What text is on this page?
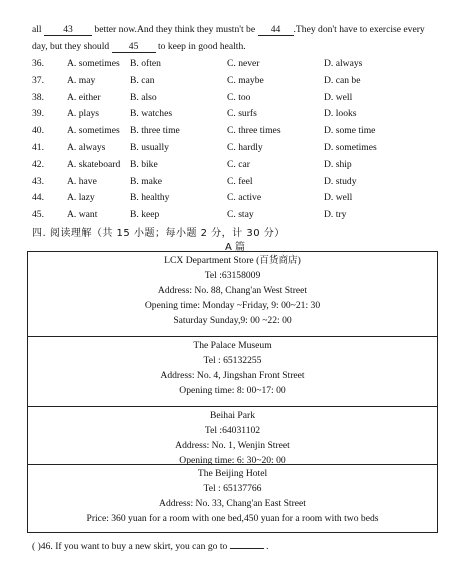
all 43 better now.And they think they mustn't be 44 .They don't have to exercise every
day, but they should 45 to keep in good health.
36. A. sometimes B. often	C. never	D. always
37. A. may	B. can	C. maybe	D. can be
38. A. either	B. also	C. too	D. well
39. A. plays	B. watches	C. surfs	D. looks
40. A. sometimes B. three time	C. three times	D. some time
41. A. always	B. usually	C. hardly	D. sometimes
42. A. skateboard B. bike	C. car	D. ship
43. A. have	B. make	C. feel	D. study
44. A. lazy	B. healthy	C. active	D. well
45. A. want	B. keep	C. stay	D. try
四. 阅读理解（共 15 小题；每小题 2 分，计 30 分）
A 篇
LCX Department Store (百货商店)
Tel :63158009
Address: No. 88, Chang'an West Street
Opening time: Monday ~Friday, 9: 00~21: 30
Saturday Sunday,9: 00 ~22: 00
The Palace Museum
Tel : 65132255
Address: No. 4, Jingshan Front Street
Opening time: 8: 00~17: 00
Beihai Park
Tel :64031102
Address: No. 1, Wenjin Street
Opening time: 6: 30~20: 00
The Beijing Hotel
Tel : 65137766
Address: No. 33, Chang'an East Street
Price: 360 yuan for a room with one bed,450 yuan for a room with two beds
( )46. If you want to buy a new skirt, you can go to	.
